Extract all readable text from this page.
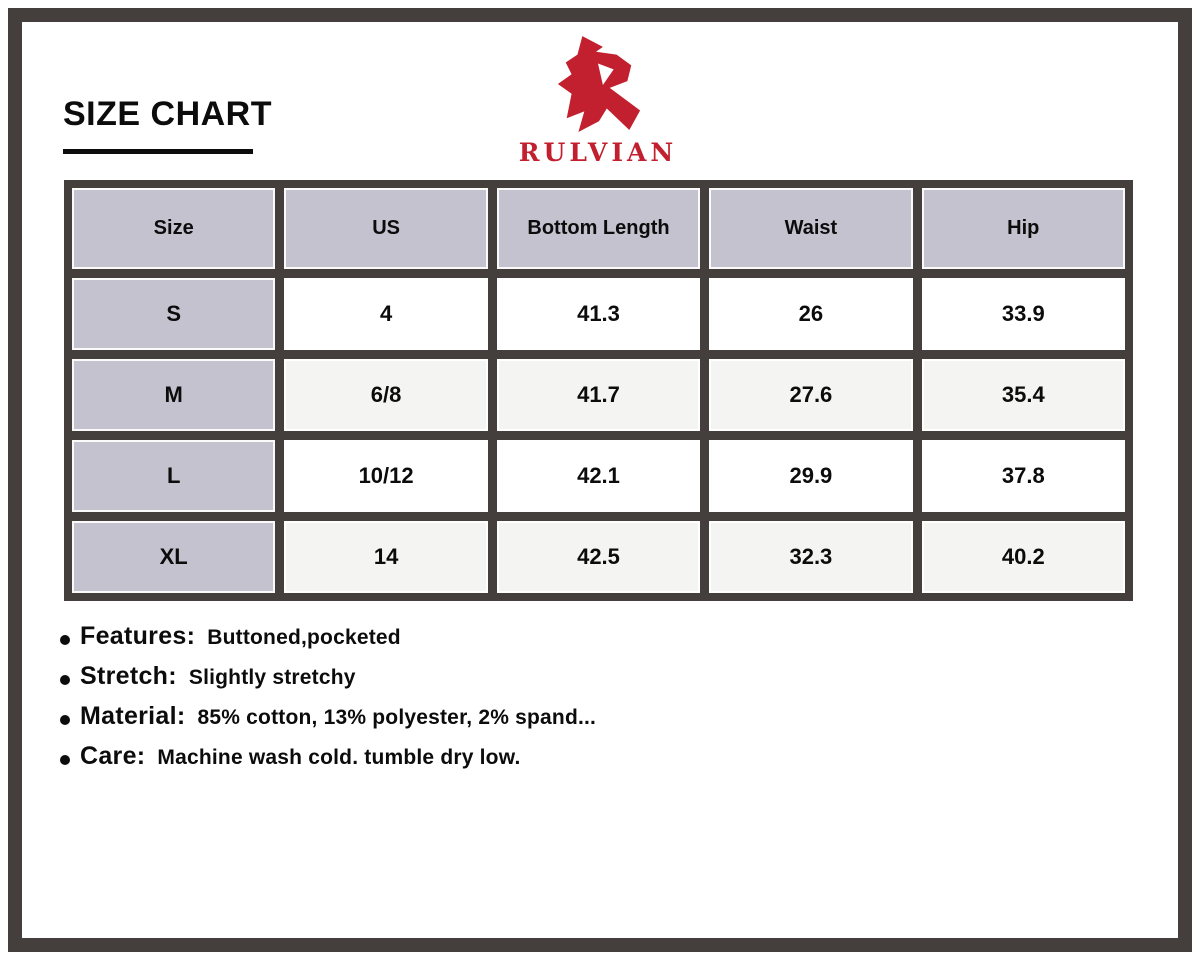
SIZE CHART
RULVIAN
Size	US	Bottom Length	Waist	Hip
S	4	41.3	26	33.9
M	6/8	41.7	27.6	35.4
L	10/12	42.1	29.9	37.8
XL	14	42.5	32.3	40.2
Features: Buttoned,pocketed
Stretch: Slightly stretchy
Material: 85% cotton, 13% polyester, 2% spand...
Care: Machine wash cold. tumble dry low.
